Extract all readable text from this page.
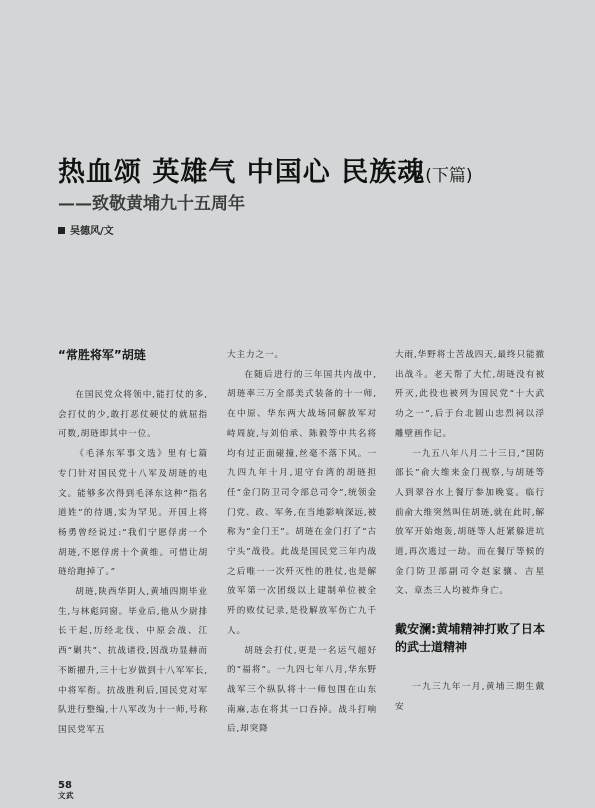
热血颂 英雄气 中国心 民族魂(下篇)
——致敬黄埔九十五周年
吴德风/文
“常胜将军”胡琏

在国民党众将领中,能打仗的多,会打仗的少,敢打恶仗硬仗的就屈指可数,胡琏即其中一位。

《毛泽东军事文选》里有七篇专门针对国民党十八军及胡琏的电文。能够多次得到毛泽东这种“指名道姓”的待遇,实为罕见。开国上将杨勇曾经说过:“我们宁愿俘虏一个胡琏,不愿俘虏十个黄维。可惜让胡琏给跑掉了。”

胡琏,陕西华阴人,黄埔四期毕业生,与林彪同窗。毕业后,他从少尉排长干起,历经北伐、中原会战、江西“剿共”、抗战诸役,因战功显赫而不断擢升,三十七岁做到十八军军长,中将军衔。抗战胜利后,国民党对军队进行整编,十八军改为十一师,号称国民党军五

大主力之一。

在随后进行的三年国共内战中,胡琏率三万全部美式装备的十一师,在中原、华东两大战场同解放军对峙周旋,与刘伯承、陈毅等中共名将均有过正面碰撞,丝毫不落下风。一九四九年十月,退守台湾的胡琏担任“金门防卫司令部总司令”,统领金门党、政、军务,在当地影响深远,被称为“金门王”。胡琏在金门打了“古宁头”战役。此战是国民党三年内战之后唯一一次歼灭性的胜仗,也是解放军第一次团级以上建制单位被全歼的败仗记录,是役解放军伤亡九千人。

胡琏会打仗,更是一名运气超好的“福将”。一九四七年八月,华东野战军三个纵队将十一师包围在山东南麻,志在将其一口吞掉。战斗打响后,却突降

大雨,华野将士苦战四天,最终只能撤出战斗。老天帮了大忙,胡琏没有被歼灭,此役也被列为国民党“十大武功之一”,后于台北圆山忠烈祠以浮雕壁画作记。

一九五八年八月二十三日,“国防部长”俞大维来金门视察,与胡琏等人到翠谷水上餐厅参加晚宴。临行前俞大维突然叫住胡琏,就在此时,解放军开始炮轰,胡琏等人赶紧躲进坑道,再次逃过一劫。而在餐厅等候的金门防卫部副司令赵家骧、吉星文、章杰三人均被炸身亡。

戴安澜:黄埔精神打败了日本的武士道精神

一九三九年一月,黄埔三期生戴安

58
文武
